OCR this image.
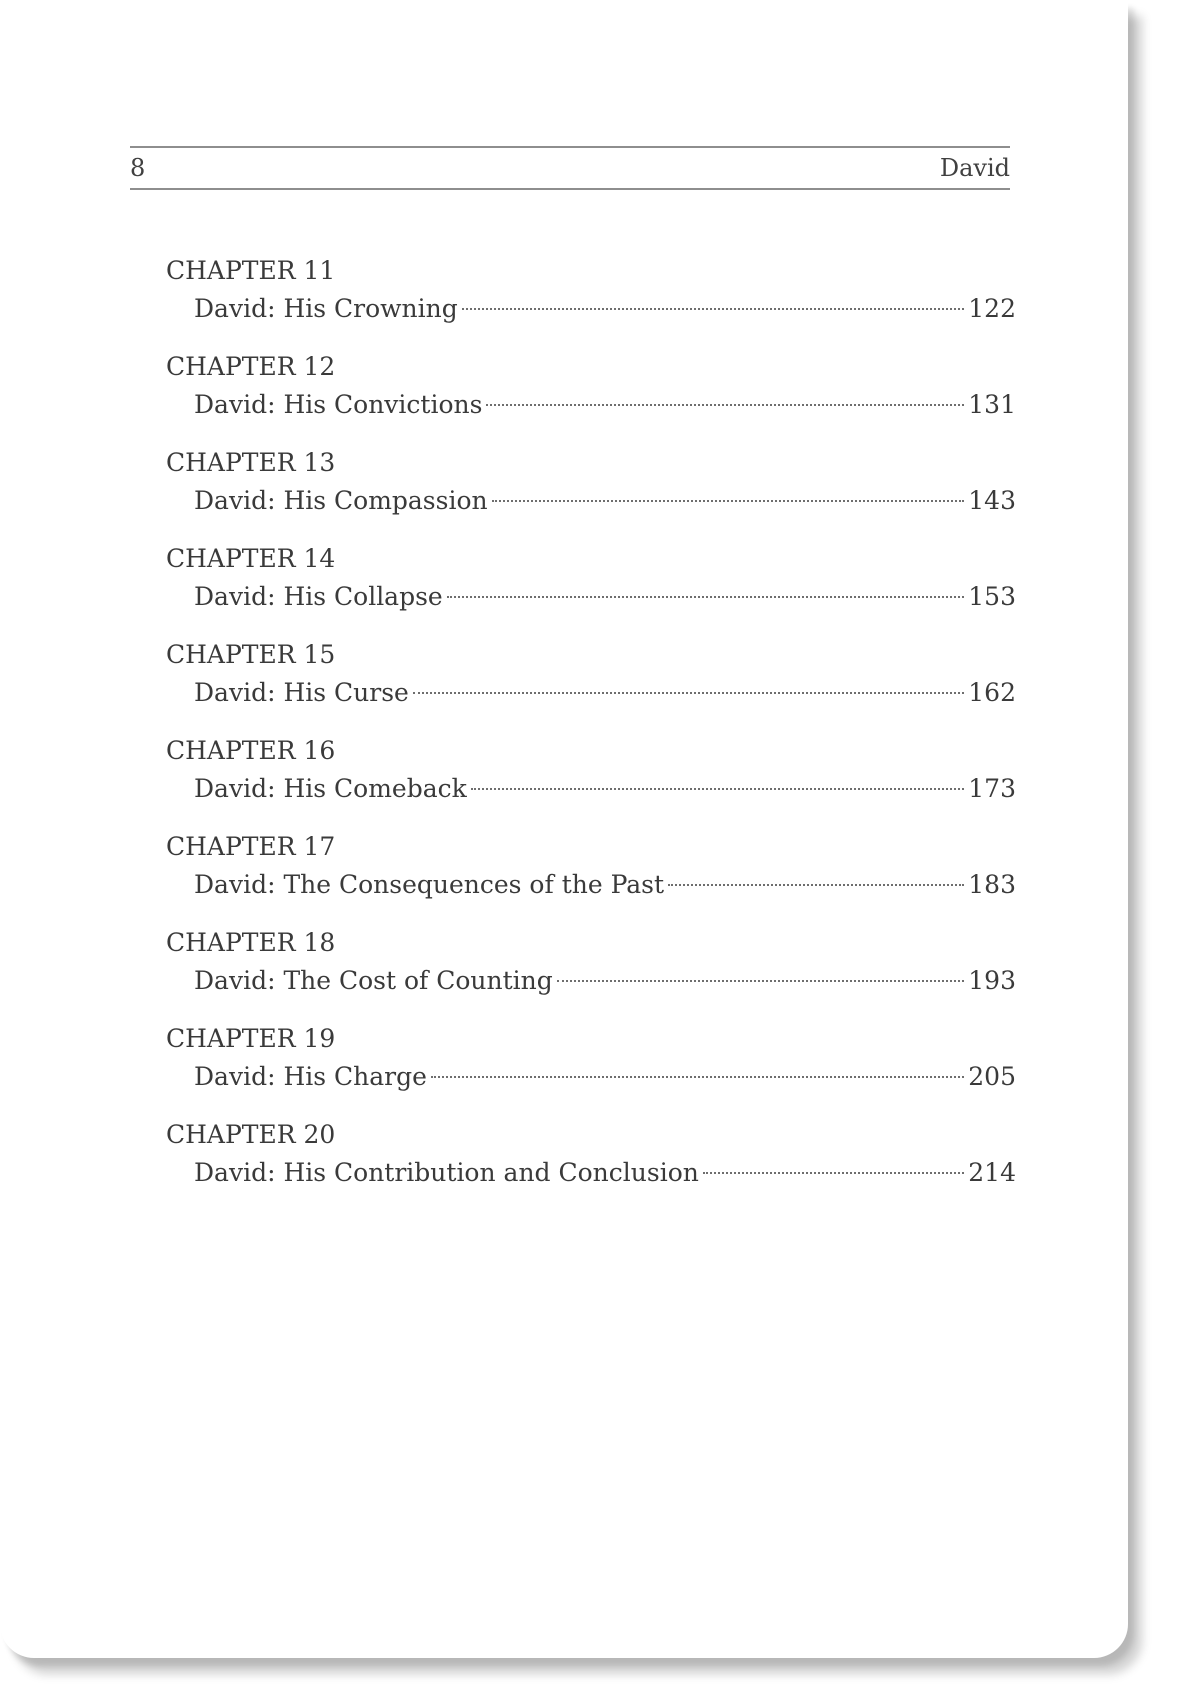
8	David
CHAPTER 11
David: His Crowning	122
CHAPTER 12
David: His Convictions	131
CHAPTER 13
David: His Compassion	143
CHAPTER 14
David: His Collapse	153
CHAPTER 15
David: His Curse	162
CHAPTER 16
David: His Comeback	173
CHAPTER 17
David: The Consequences of the Past	183
CHAPTER 18
David: The Cost of Counting	193
CHAPTER 19
David: His Charge	205
CHAPTER 20
David: His Contribution and Conclusion	214
